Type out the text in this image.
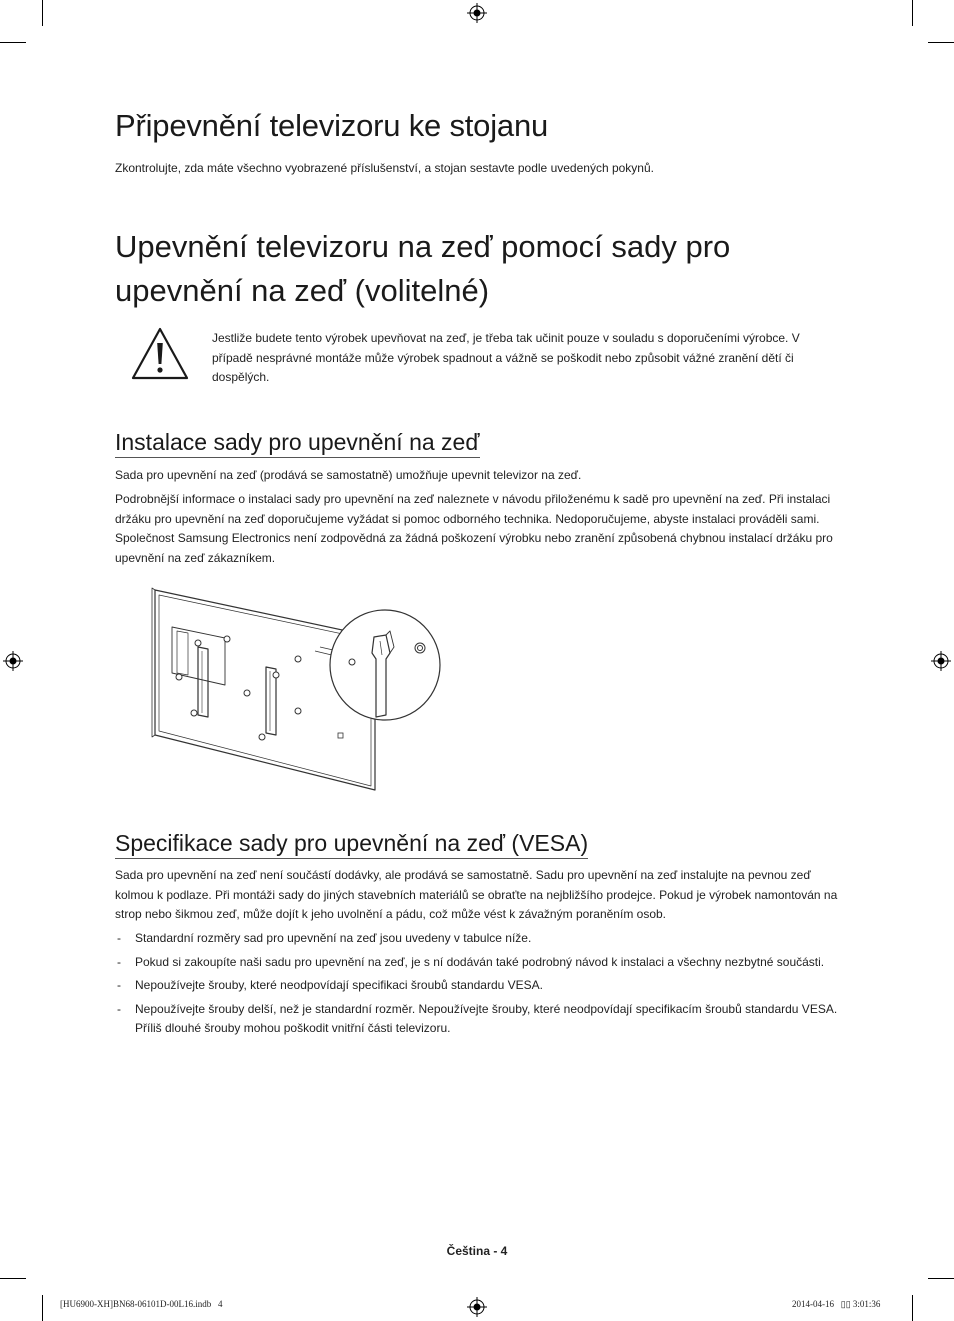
Připevnění televizoru ke stojanu

Zkontrolujte, zda máte všechno vyobrazené příslušenství, a stojan sestavte podle uvedených pokynů.

Upevnění televizoru na zeď pomocí sady pro upevnění na zeď (volitelné)

Jestliže budete tento výrobek upevňovat na zeď, je třeba tak učinit pouze v souladu s doporučeními výrobce. V případě nesprávné montáže může výrobek spadnout a vážně se poškodit nebo způsobit vážné zranění dětí či dospělých.

Instalace sady pro upevnění na zeď

Sada pro upevnění na zeď (prodává se samostatně) umožňuje upevnit televizor na zeď.

Podrobnější informace o instalaci sady pro upevnění na zeď naleznete v návodu přiloženému k sadě pro upevnění na zeď. Při instalaci držáku pro upevnění na zeď doporučujeme vyžádat si pomoc odborného technika. Nedoporučujeme, abyste instalaci prováděli sami. Společnost Samsung Electronics není zodpovědná za žádná poškození výrobku nebo zranění způsobená chybnou instalací držáku pro upevnění na zeď zákazníkem.

Specifikace sady pro upevnění na zeď (VESA)

Sada pro upevnění na zeď není součástí dodávky, ale prodává se samostatně. Sadu pro upevnění na zeď instalujte na pevnou zeď kolmou k podlaze. Při montáži sady do jiných stavebních materiálů se obraťte na nejbližšího prodejce. Pokud je výrobek namontován na strop nebo šikmou zeď, může dojít k jeho uvolnění a pádu, což může vést k závažným poraněním osob.

- Standardní rozměry sad pro upevnění na zeď jsou uvedeny v tabulce níže.
- Pokud si zakoupíte naši sadu pro upevnění na zeď, je s ní dodáván také podrobný návod k instalaci a všechny nezbytné součásti.
- Nepoužívejte šrouby, které neodpovídají specifikaci šroubů standardu VESA.
- Nepoužívejte šrouby delší, než je standardní rozměr. Nepoužívejte šrouby, které neodpovídají specifikacím šroubů standardu VESA. Příliš dlouhé šrouby mohou poškodit vnitřní části televizoru.
Čeština - 4
[HU6900-XH]BN68-06101D-00L16.indb   4	2014-04-16   ▯▯ 3:01:36
